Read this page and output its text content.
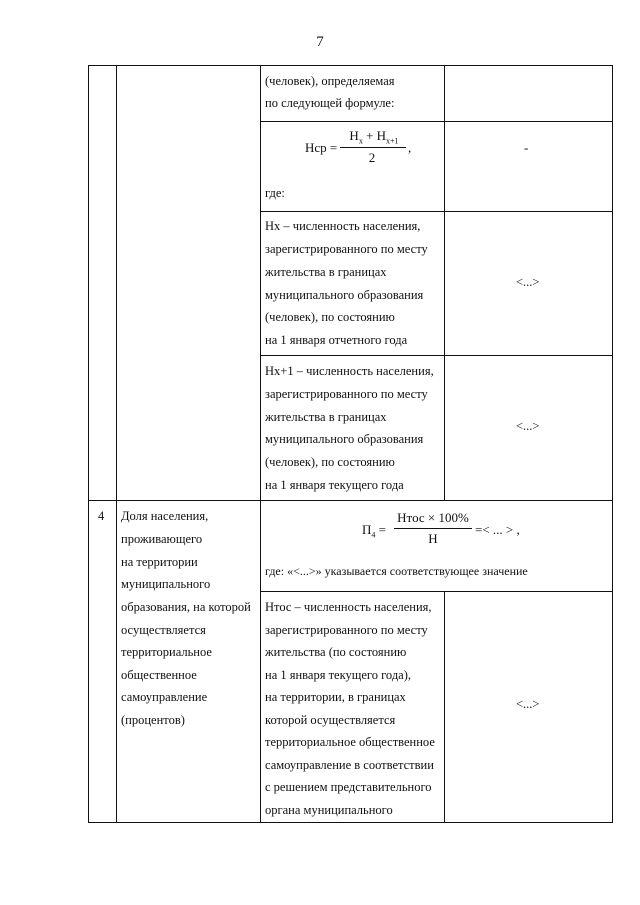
7
(человек), определяемая
по следующей формуле:
Нср =
$Н_x + Н_{x+1}$
2
,
где:
-
Нх – численность населения,
зарегистрированного по месту
жительства в границах
муниципального образования
(человек), по состоянию
на 1 января отчетного года
<...>
Нх+1 – численность населения,
зарегистрированного по месту
жительства в границах
муниципального образования
(человек), по состоянию
на 1 января текущего года
<...>
4 Доля населения,
проживающего
на территории
муниципального
образования, на которой
осуществляется
территориальное
общественное
самоуправление
(процентов)
$П_4$ =
Нтос × 100%
Н
=< ... > ,
где: «<...>» указывается соответствующее значение
Нтос – численность населения,
зарегистрированного по месту
жительства (по состоянию
на 1 января текущего года),
на территории, в границах
которой осуществляется
территориальное общественное
самоуправление в соответствии
с решением представительного
органа муниципального
<...>
